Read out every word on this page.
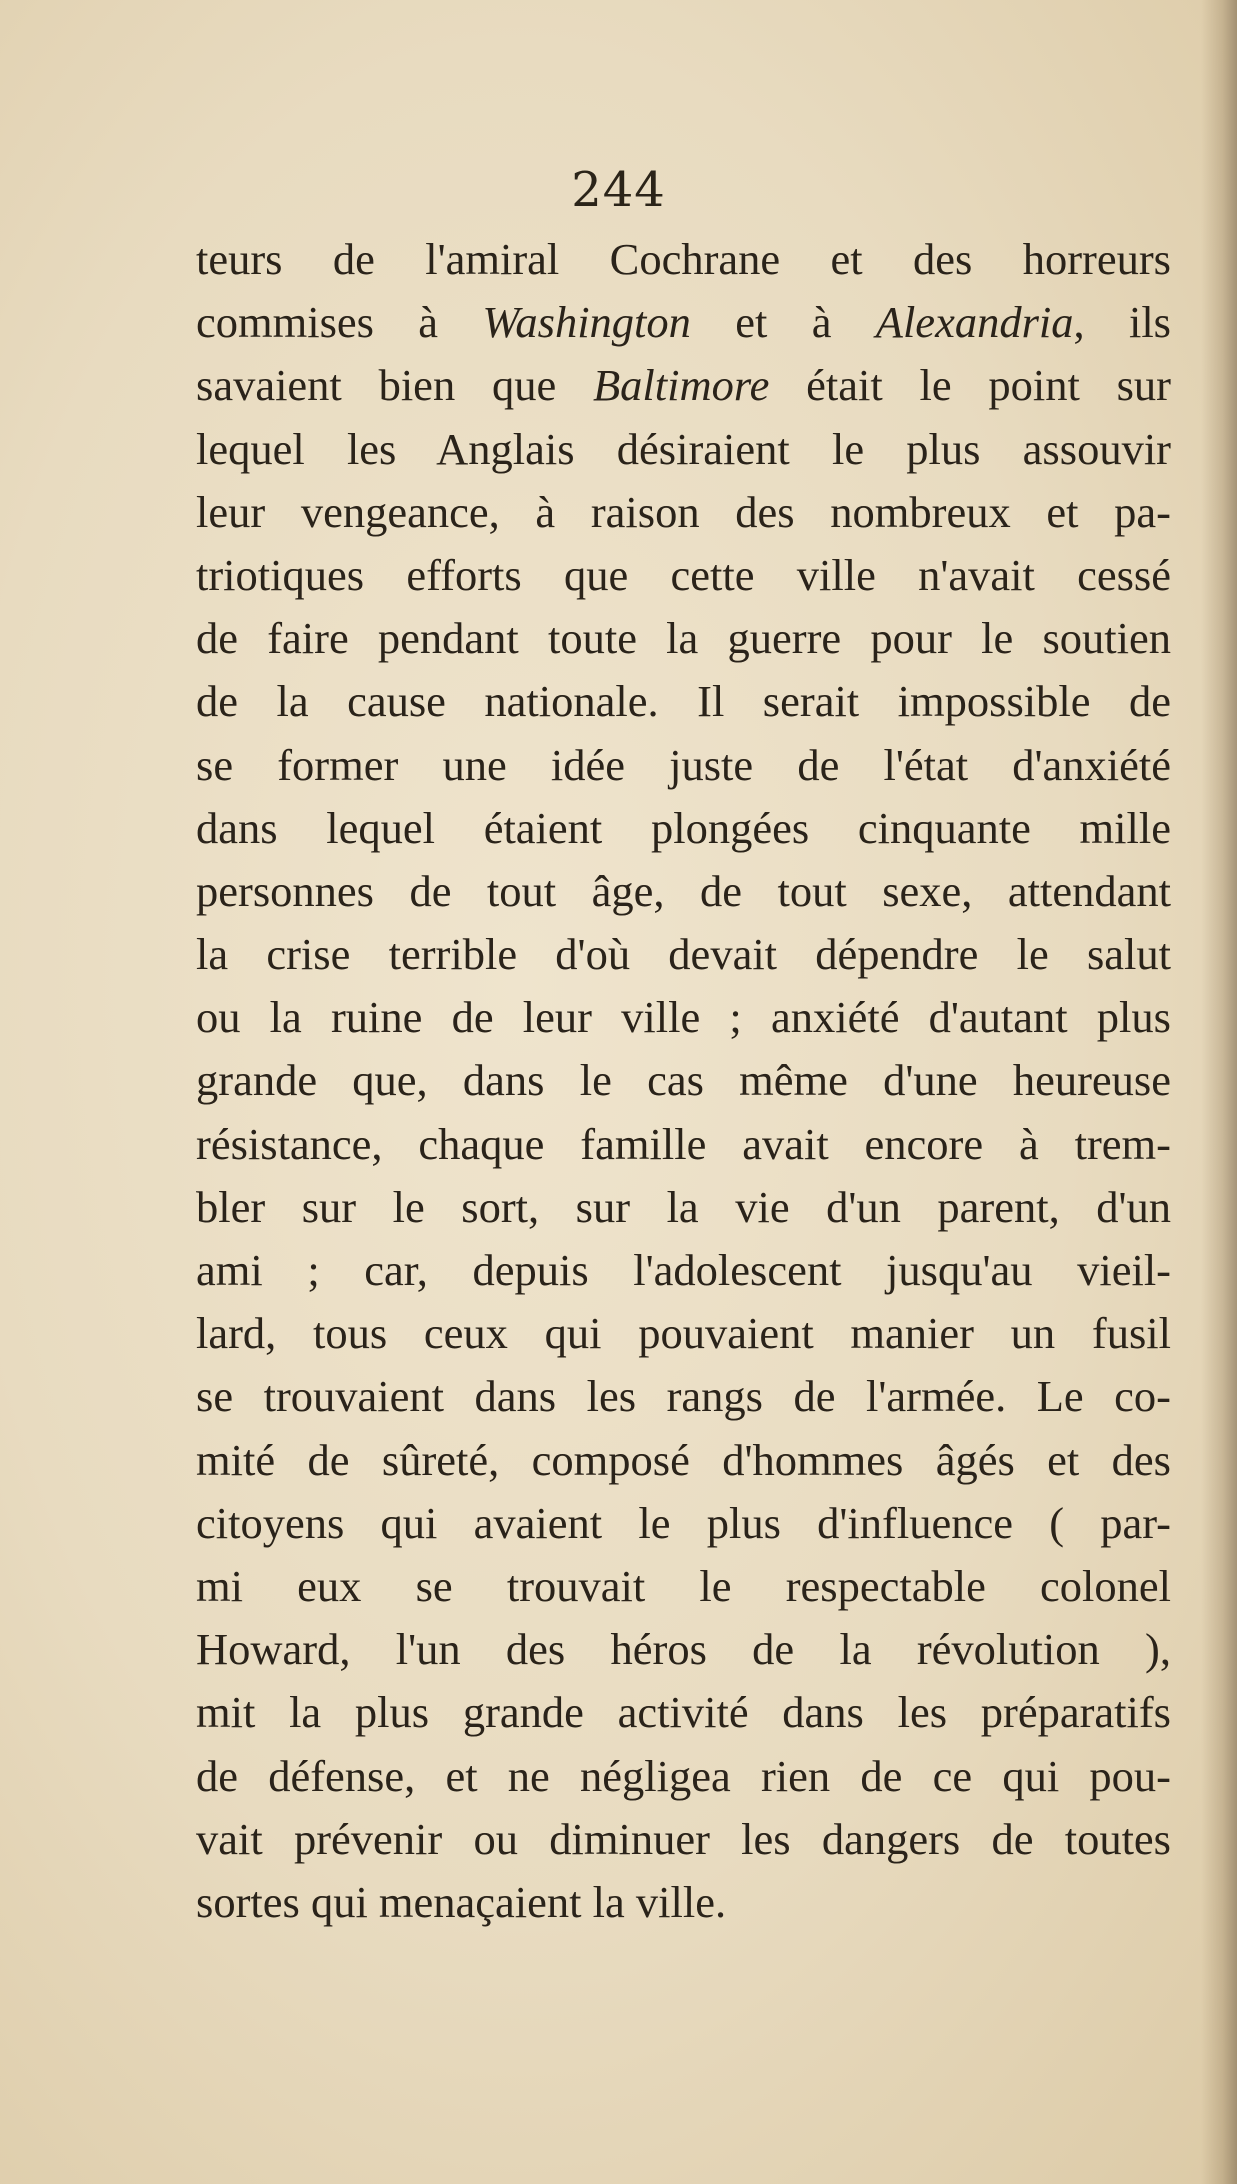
244
teurs de l'amiral Cochrane et des horreurs
commises à Washington et à Alexandria, ils
savaient bien que Baltimore était le point sur
lequel les Anglais désiraient le plus assouvir
leur vengeance, à raison des nombreux et pa-
triotiques efforts que cette ville n'avait cessé
de faire pendant toute la guerre pour le soutien
de la cause nationale. Il serait impossible de
se former une idée juste de l'état d'anxiété
dans lequel étaient plongées cinquante mille
personnes de tout âge, de tout sexe, attendant
la crise terrible d'où devait dépendre le salut
ou la ruine de leur ville ; anxiété d'autant plus
grande que, dans le cas même d'une heureuse
résistance, chaque famille avait encore à trem-
bler sur le sort, sur la vie d'un parent, d'un
ami ; car, depuis l'adolescent jusqu'au vieil-
lard, tous ceux qui pouvaient manier un fusil
se trouvaient dans les rangs de l'armée. Le co-
mité de sûreté, composé d'hommes âgés et des
citoyens qui avaient le plus d'influence ( par-
mi eux se trouvait le respectable colonel
Howard, l'un des héros de la révolution ),
mit la plus grande activité dans les préparatifs
de défense, et ne négligea rien de ce qui pou-
vait prévenir ou diminuer les dangers de toutes
sortes qui menaçaient la ville.
